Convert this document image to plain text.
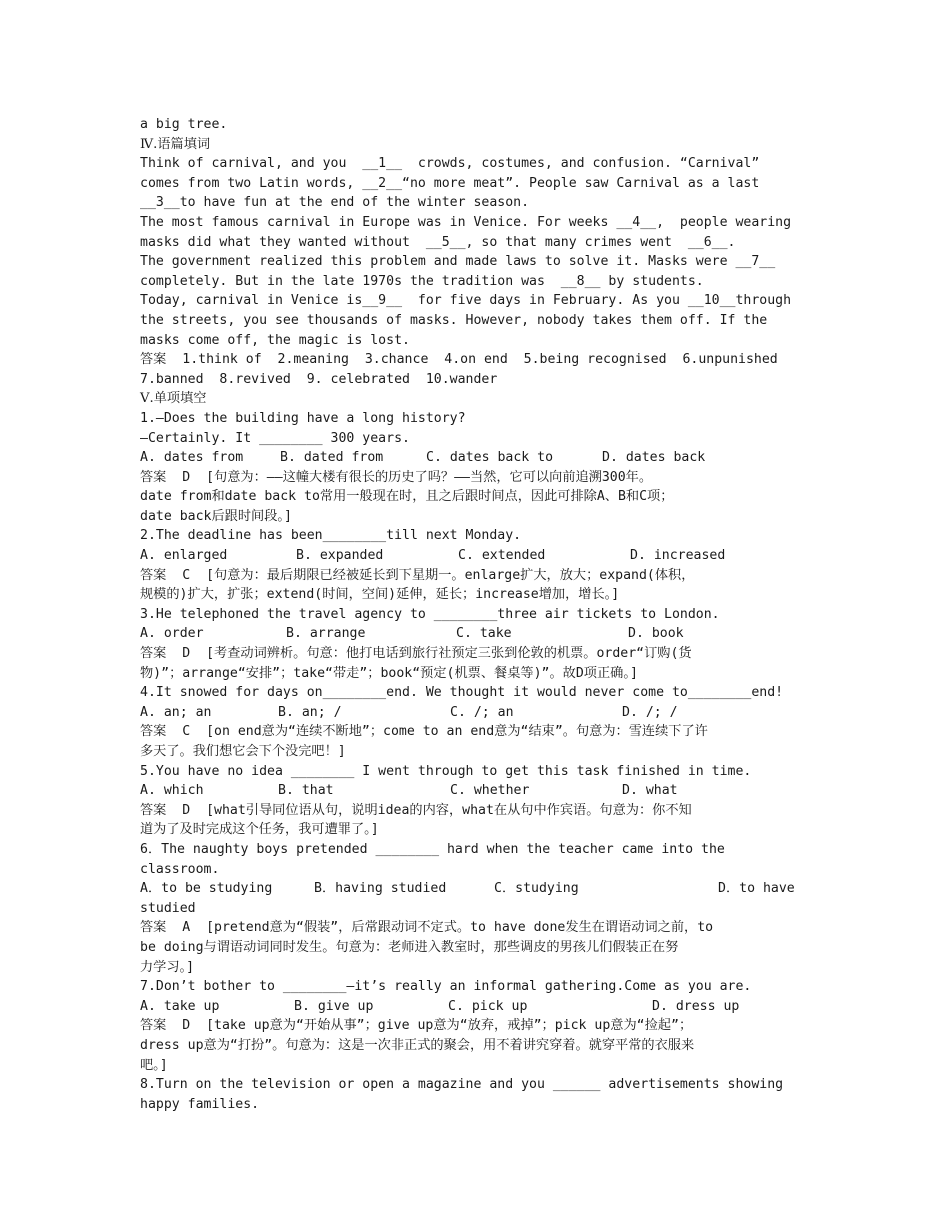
a big tree.
Ⅳ.语篇填词
Think of carnival, and you  __1__  crowds, costumes, and confusion. “Carnival”
comes from two Latin words, __2__“no more meat”. People saw Carnival as a last
__3__to have fun at the end of the winter season.
The most famous carnival in Europe was in Venice. For weeks __4__,  people wearing
masks did what they wanted without  __5__, so that many crimes went  __6__.
The government realized this problem and made laws to solve it. Masks were __7__
completely. But in the late 1970s the tradition was  __8__ by students.
Today, carnival in Venice is__9__  for five days in February. As you __10__through
the streets, you see thousands of masks. However, nobody takes them off. If the
masks come off, the magic is lost.
答案  1.think of  2.meaning  3.chance  4.on end  5.being recognised  6.unpunished
7.banned  8.revived  9. celebrated  10.wander
Ⅴ.单项填空
1.—Does the building have a long history?
—Certainly. It ________ 300 years.
A. dates from	B. dated from	C. dates back to	D. dates back
答案  D  [句意为：——这幢大楼有很长的历史了吗？——当然，它可以向前追溯300年。
date from和date back to常用一般现在时，且之后跟时间点，因此可排除A、B和C项；
date back后跟时间段。]
2.The deadline has been________till next Monday.
A. enlarged	B. expanded	C. extended	D. increased
答案  C  [句意为：最后期限已经被延长到下星期一。enlarge扩大，放大；expand(体积，
规模的)扩大，扩张；extend(时间，空间)延伸，延长；increase增加，增长。]
3.He telephoned the travel agency to ________three air tickets to London.
A. order	B. arrange	C. take	D. book
答案  D  [考查动词辨析。句意：他打电话到旅行社预定三张到伦敦的机票。order“订购(货
物)”；arrange“安排”；take“带走”；book“预定(机票、餐桌等)”。故D项正确。]
4.It snowed for days on________end. We thought it would never come to________end!
A. an; an	B. an; /	C. /; an	D. /; /
答案  C  [on end意为“连续不断地”；come to an end意为“结束”。句意为：雪连续下了许
多天了。我们想它会下个没完吧！]
5.You have no idea ________ I went through to get this task finished in time.
A. which	B. that	C. whether	D. what
答案  D  [what引导同位语从句，说明idea的内容，what在从句中作宾语。句意为：你不知
道为了及时完成这个任务，我可遭罪了。]
6．The naughty boys pretended ________ hard when the teacher came into the
classroom.
A．to be studying	B．having studied	C．studying	D．to have
studied
答案  A  [pretend意为“假装”，后常跟动词不定式。to have done发生在谓语动词之前，to
be doing与谓语动词同时发生。句意为：老师进入教室时，那些调皮的男孩儿们假装正在努
力学习。]
7.Don’t bother to ________—it’s really an informal gathering.Come as you are.
A. take up	B. give up	C. pick up	D. dress up
答案  D  [take up意为“开始从事”；give up意为“放弃，戒掉”；pick up意为“捡起”；
dress up意为“打扮”。句意为：这是一次非正式的聚会，用不着讲究穿着。就穿平常的衣服来
吧。]
8.Turn on the television or open a magazine and you ______ advertisements showing
happy families.
